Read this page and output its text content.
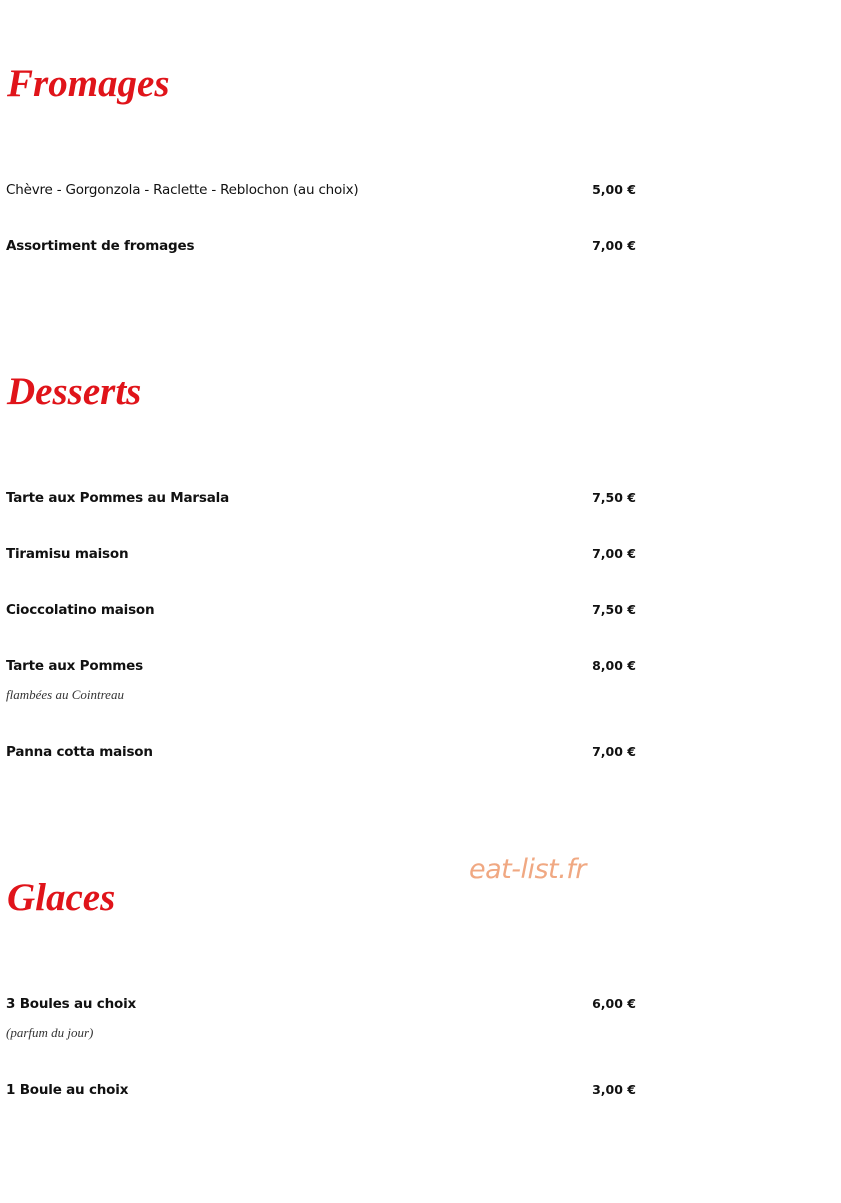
Fromages
Chèvre - Gorgonzola - Raclette - Reblochon (au choix)	5,00 €
Assortiment de fromages	7,00 €
Desserts
Tarte aux Pommes au Marsala	7,50 €
Tiramisu maison	7,00 €
Cioccolatino maison	7,50 €
Tarte aux Pommes	8,00 €
flambées au Cointreau
Panna cotta maison	7,00 €
eat-list.fr
Glaces
3 Boules au choix	6,00 €
(parfum du jour)
1 Boule au choix	3,00 €
